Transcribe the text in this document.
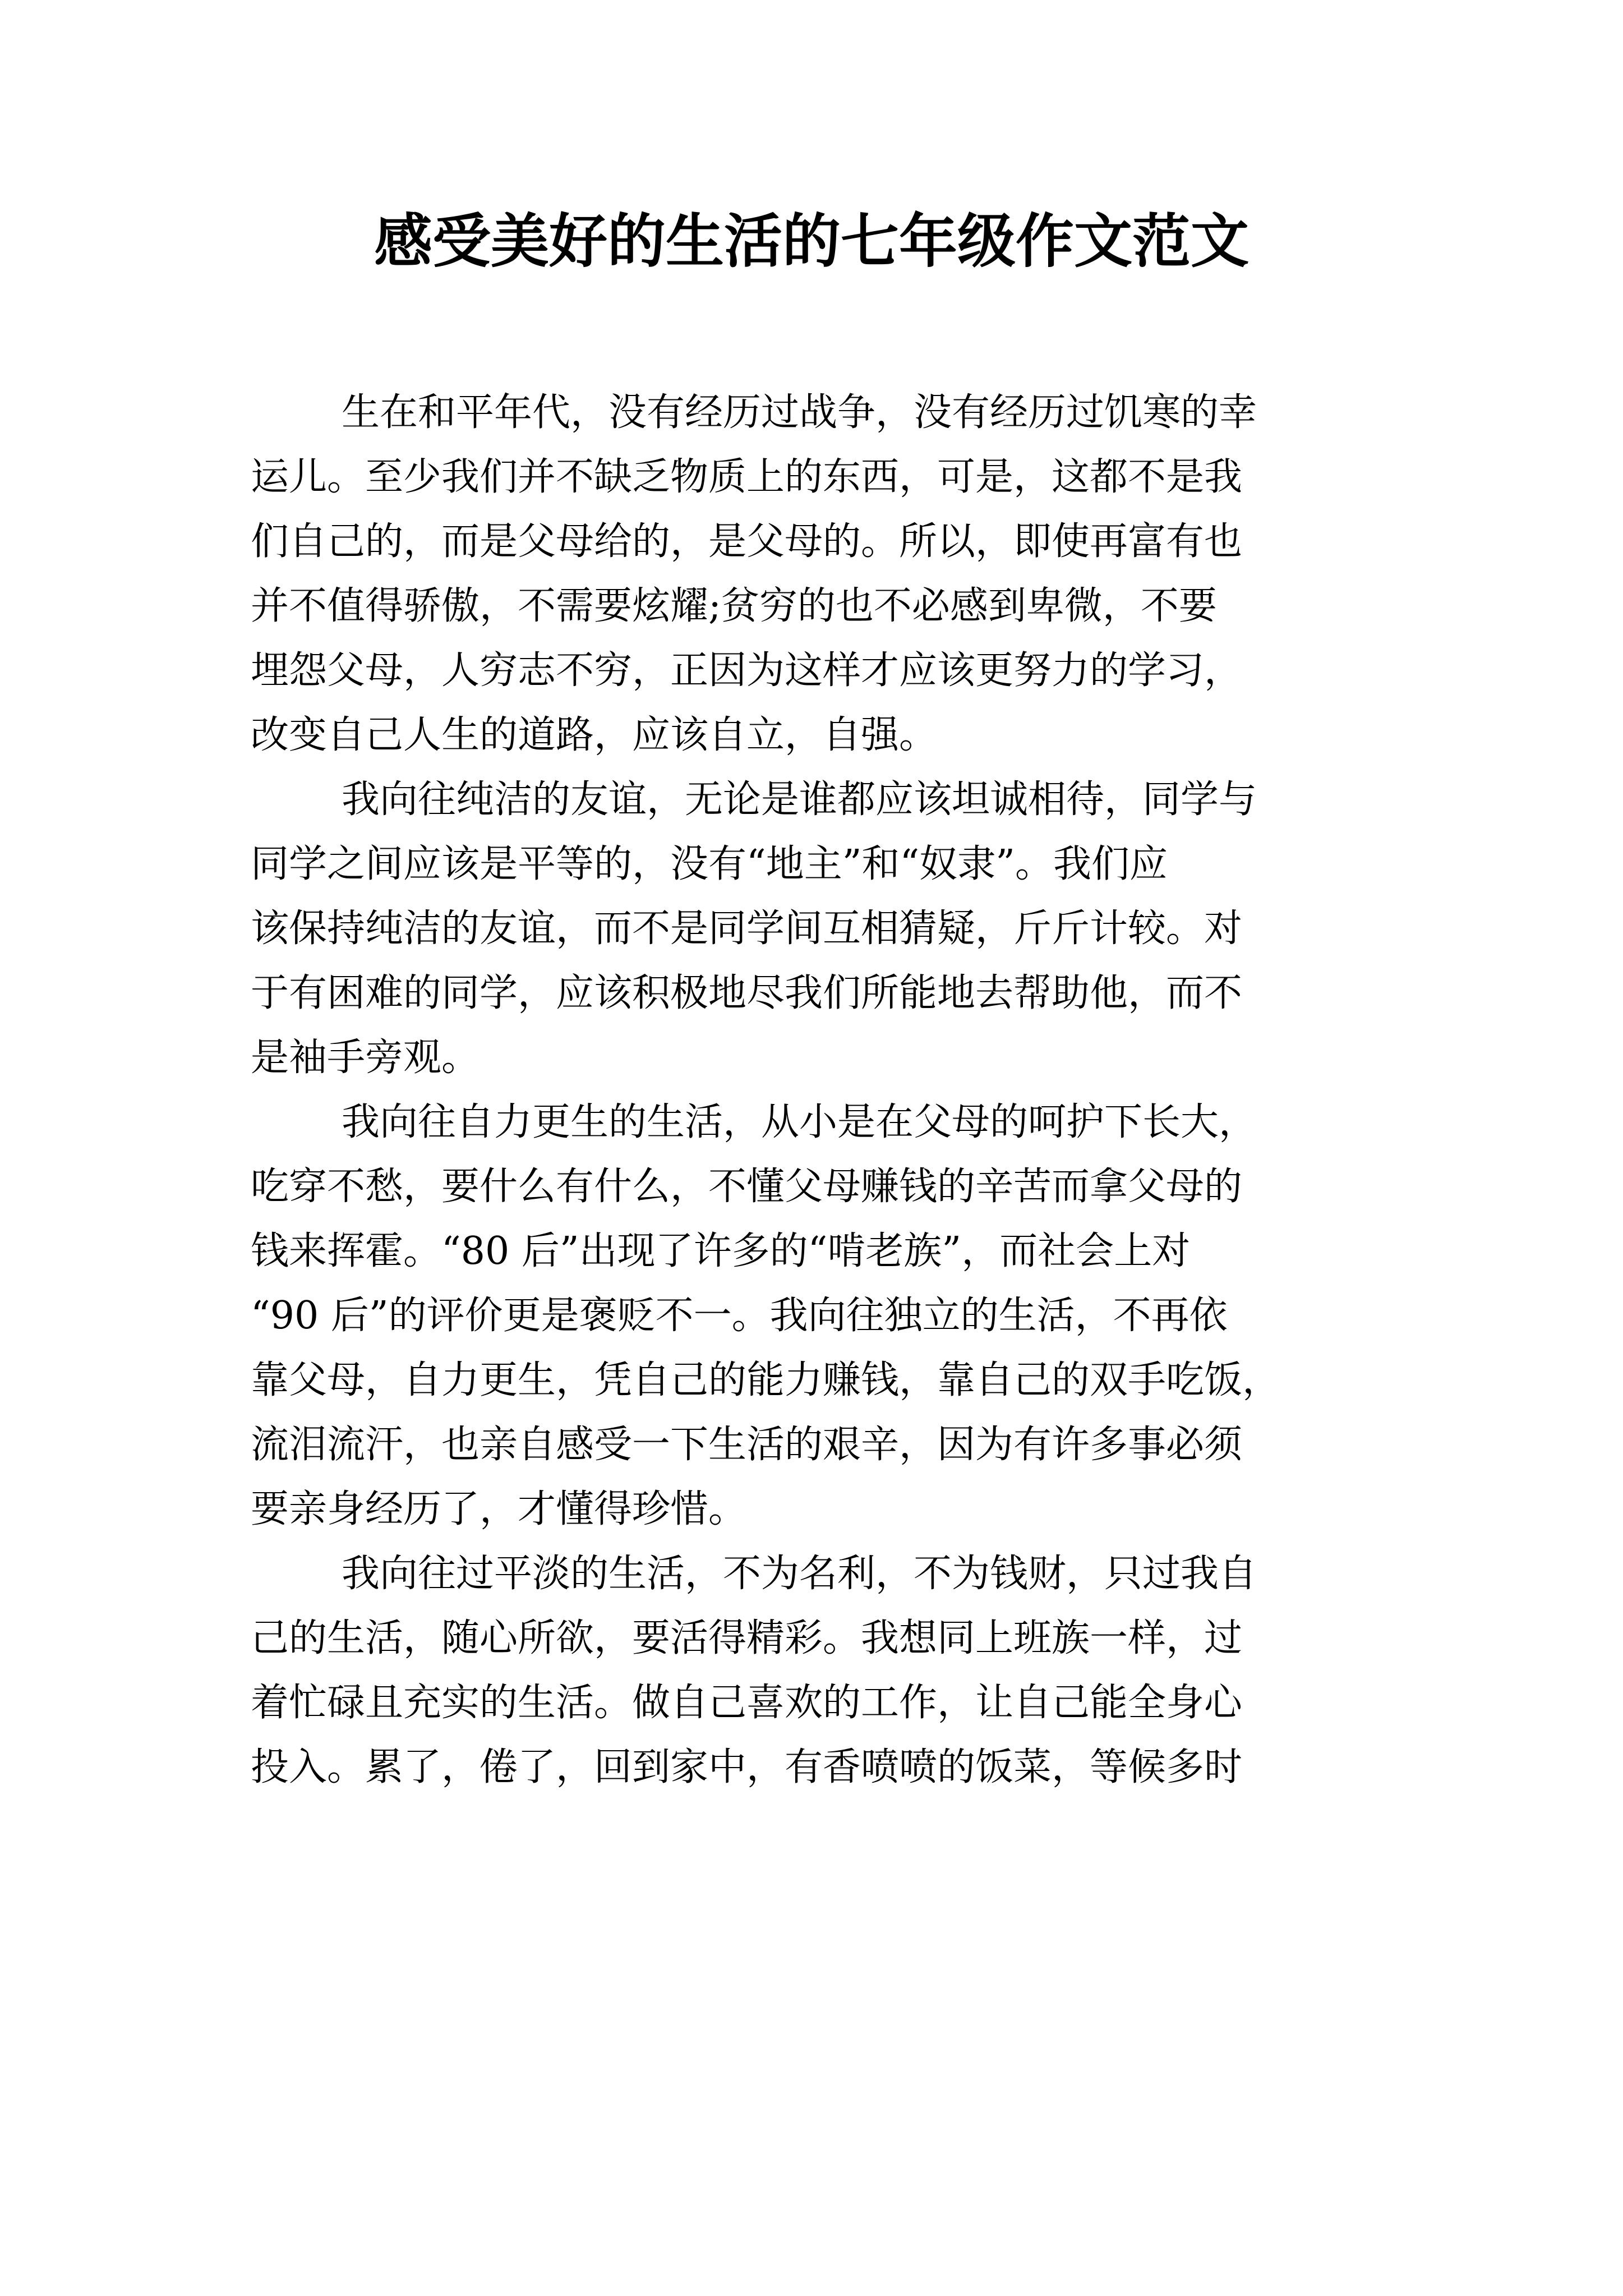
感受美好的生活的七年级作文范文
生在和平年代，没有经历过战争，没有经历过饥寒的幸
运儿。至少我们并不缺乏物质上的东西，可是，这都不是我
们自己的，而是父母给的，是父母的。所以，即使再富有也
并不值得骄傲，不需要炫耀;贫穷的也不必感到卑微，不要
埋怨父母，人穷志不穷，正因为这样才应该更努力的学习，
改变自己人生的道路，应该自立，自强。
我向往纯洁的友谊，无论是谁都应该坦诚相待，同学与
同学之间应该是平等的，没有“地主”和“奴隶”。我们应
该保持纯洁的友谊，而不是同学间互相猜疑，斤斤计较。对
于有困难的同学，应该积极地尽我们所能地去帮助他，而不
是袖手旁观。
我向往自力更生的生活，从小是在父母的呵护下长大，
吃穿不愁，要什么有什么，不懂父母赚钱的辛苦而拿父母的
钱来挥霍。“80 后”出现了许多的“啃老族”，而社会上对
“90 后”的评价更是褒贬不一。我向往独立的生活，不再依
靠父母，自力更生，凭自己的能力赚钱，靠自己的双手吃饭，
流泪流汗，也亲自感受一下生活的艰辛，因为有许多事必须
要亲身经历了，才懂得珍惜。
我向往过平淡的生活，不为名利，不为钱财，只过我自
己的生活，随心所欲，要活得精彩。我想同上班族一样，过
着忙碌且充实的生活。做自己喜欢的工作，让自己能全身心
投入。累了，倦了，回到家中，有香喷喷的饭菜，等候多时
